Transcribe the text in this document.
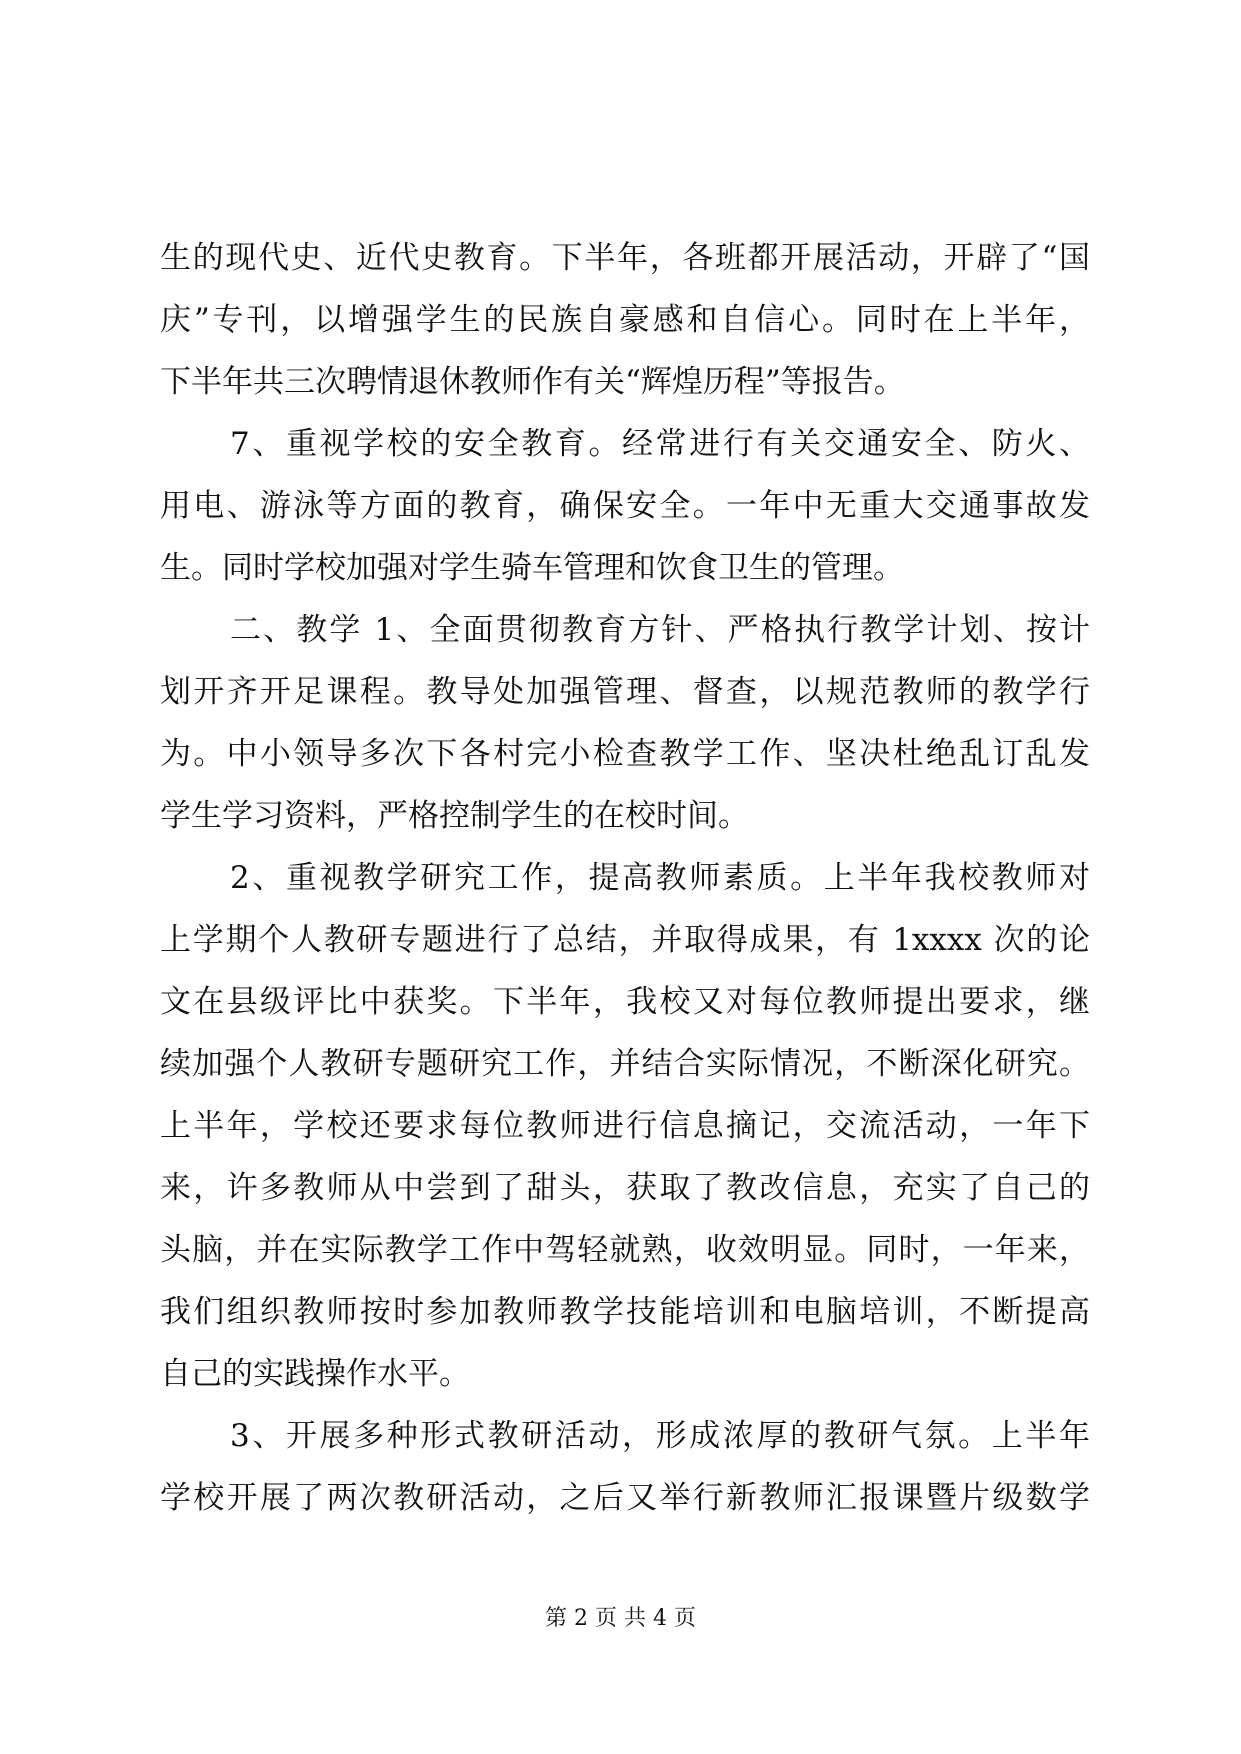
生的现代史、近代史教育。下半年，各班都开展活动，开辟了“国
庆”专刊，以增强学生的民族自豪感和自信心。同时在上半年，
下半年共三次聘情退休教师作有关“辉煌历程”等报告。
7、重视学校的安全教育。经常进行有关交通安全、防火、
用电、游泳等方面的教育，确保安全。一年中无重大交通事故发
生。同时学校加强对学生骑车管理和饮食卫生的管理。
二、教学 1、全面贯彻教育方针、严格执行教学计划、按计
划开齐开足课程。教导处加强管理、督查，以规范教师的教学行
为。中小领导多次下各村完小检查教学工作、坚决杜绝乱订乱发
学生学习资料，严格控制学生的在校时间。
2、重视教学研究工作，提高教师素质。上半年我校教师对
上学期个人教研专题进行了总结，并取得成果，有 1xxxx 次的论
文在县级评比中获奖。下半年，我校又对每位教师提出要求，继
续加强个人教研专题研究工作，并结合实际情况，不断深化研究。
上半年，学校还要求每位教师进行信息摘记，交流活动，一年下
来，许多教师从中尝到了甜头，获取了教改信息，充实了自己的
头脑，并在实际教学工作中驾轻就熟，收效明显。同时，一年来，
我们组织教师按时参加教师教学技能培训和电脑培训，不断提高
自己的实践操作水平。
3、开展多种形式教研活动，形成浓厚的教研气氛。上半年
学校开展了两次教研活动，之后又举行新教师汇报课暨片级数学
第 2 页 共 4 页
